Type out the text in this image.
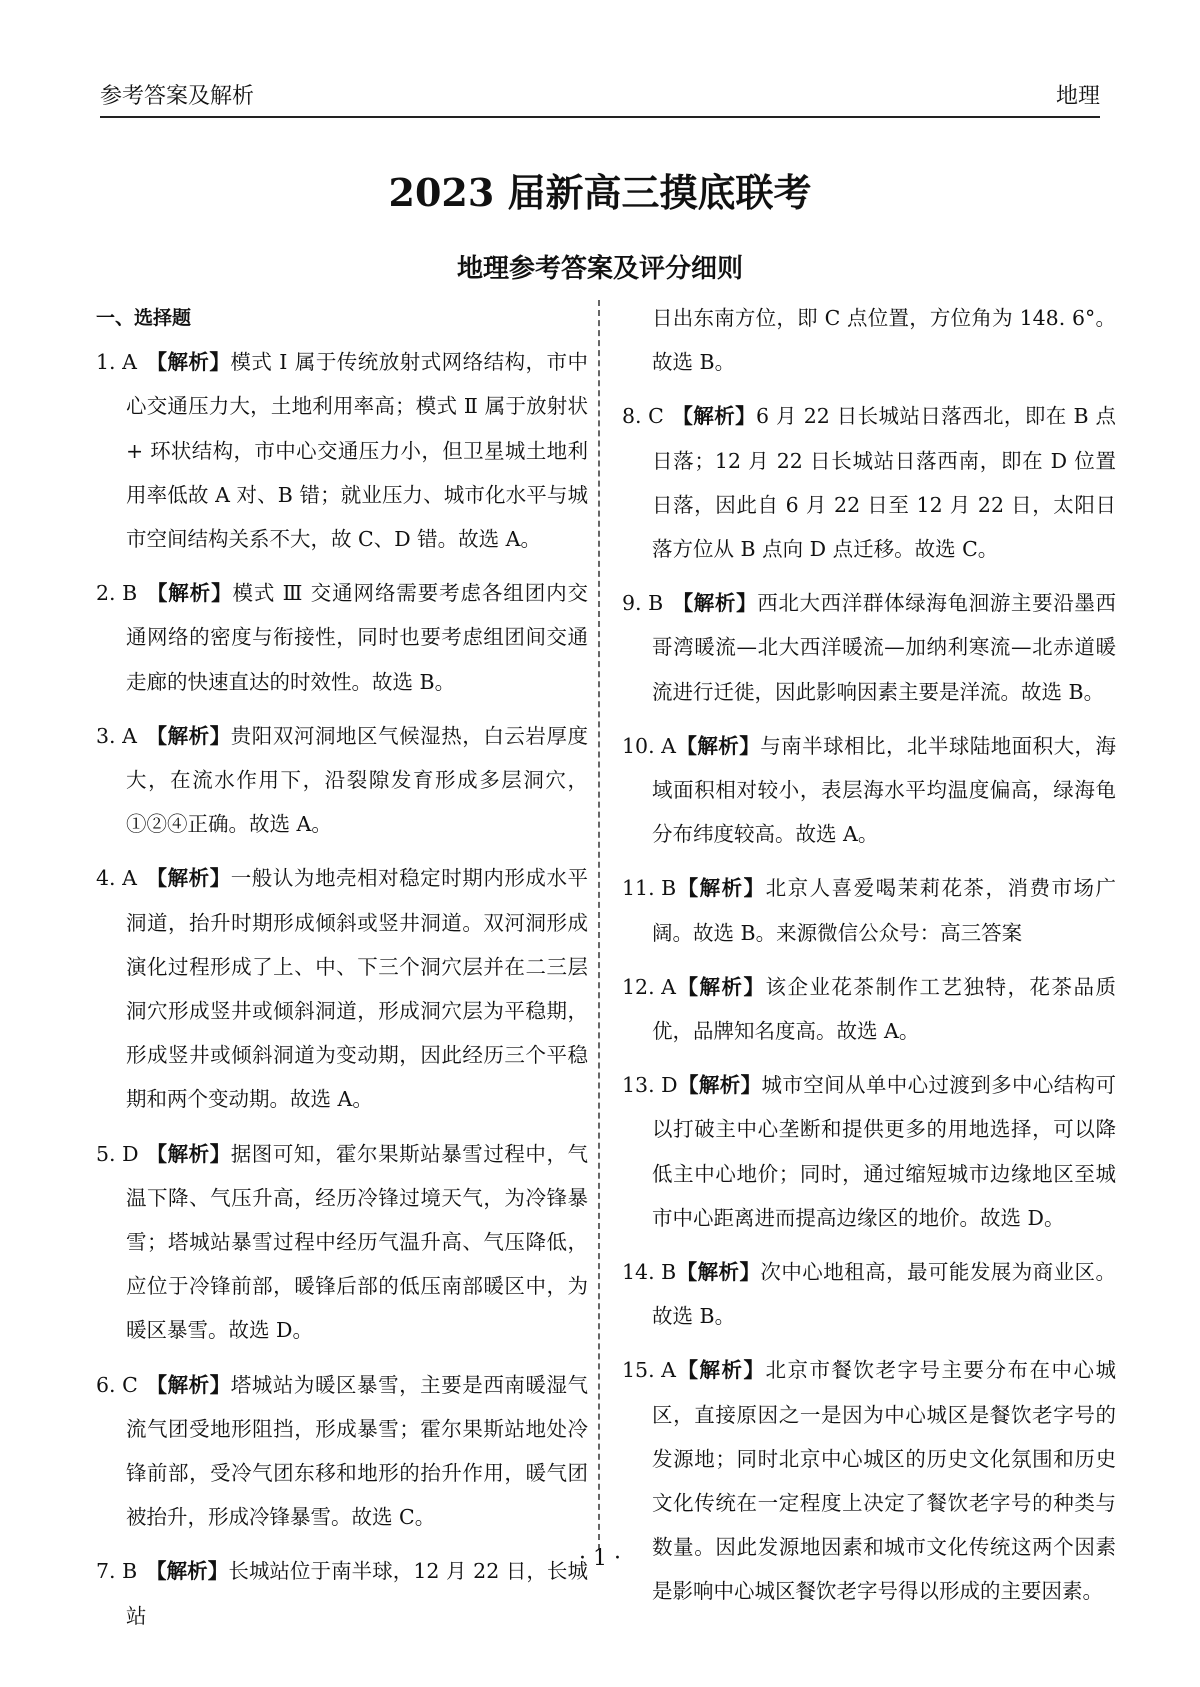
参考答案及解析	地理
2023 届新高三摸底联考
地理参考答案及评分细则
一、选择题
1. A 【解析】模式 Ⅰ 属于传统放射式网络结构，市中心交通压力大，土地利用率高；模式 Ⅱ 属于放射状 + 环状结构，市中心交通压力小，但卫星城土地利用率低故 A 对、B 错；就业压力、城市化水平与城市空间结构关系不大，故 C、D 错。故选 A。
2. B 【解析】模式 Ⅲ 交通网络需要考虑各组团内交通网络的密度与衔接性，同时也要考虑组团间交通走廊的快速直达的时效性。故选 B。
3. A 【解析】贵阳双河洞地区气候湿热，白云岩厚度大，在流水作用下，沿裂隙发育形成多层洞穴，①②④正确。故选 A。
4. A 【解析】一般认为地壳相对稳定时期内形成水平洞道，抬升时期形成倾斜或竖井洞道。双河洞形成演化过程形成了上、中、下三个洞穴层并在二三层洞穴形成竖井或倾斜洞道，形成洞穴层为平稳期，形成竖井或倾斜洞道为变动期，因此经历三个平稳期和两个变动期。故选 A。
5. D 【解析】据图可知，霍尔果斯站暴雪过程中，气温下降、气压升高，经历冷锋过境天气，为冷锋暴雪；塔城站暴雪过程中经历气温升高、气压降低，应位于冷锋前部，暖锋后部的低压南部暖区中，为暖区暴雪。故选 D。
6. C 【解析】塔城站为暖区暴雪，主要是西南暖湿气流气团受地形阻挡，形成暴雪；霍尔果斯站地处冷锋前部，受冷气团东移和地形的抬升作用，暖气团被抬升，形成冷锋暴雪。故选 C。
7. B 【解析】长城站位于南半球，12 月 22 日，长城站
日出东南方位，即 C 点位置，方位角为 148. 6°。故选 B。
8. C 【解析】6 月 22 日长城站日落西北，即在 B 点日落；12 月 22 日长城站日落西南，即在 D 位置日落，因此自 6 月 22 日至 12 月 22 日，太阳日落方位从 B 点向 D 点迁移。故选 C。
9. B 【解析】西北大西洋群体绿海龟洄游主要沿墨西哥湾暖流—北大西洋暖流—加纳利寒流—北赤道暖流进行迁徙，因此影响因素主要是洋流。故选 B。
10. A【解析】与南半球相比，北半球陆地面积大，海域面积相对较小，表层海水平均温度偏高，绿海龟分布纬度较高。故选 A。
11. B【解析】北京人喜爱喝茉莉花茶，消费市场广阔。故选 B。来源微信公众号：高三答案
12. A【解析】该企业花茶制作工艺独特，花茶品质优，品牌知名度高。故选 A。
13. D【解析】城市空间从单中心过渡到多中心结构可以打破主中心垄断和提供更多的用地选择，可以降低主中心地价；同时，通过缩短城市边缘地区至城市中心距离进而提高边缘区的地价。故选 D。
14. B【解析】次中心地租高，最可能发展为商业区。故选 B。
15. A【解析】北京市餐饮老字号主要分布在中心城区，直接原因之一是因为中心城区是餐饮老字号的发源地；同时北京中心城区的历史文化氛围和历史文化传统在一定程度上决定了餐饮老字号的种类与数量。因此发源地因素和城市文化传统这两个因素是影响中心城区餐饮老字号得以形成的主要因素。
· 1 ·
